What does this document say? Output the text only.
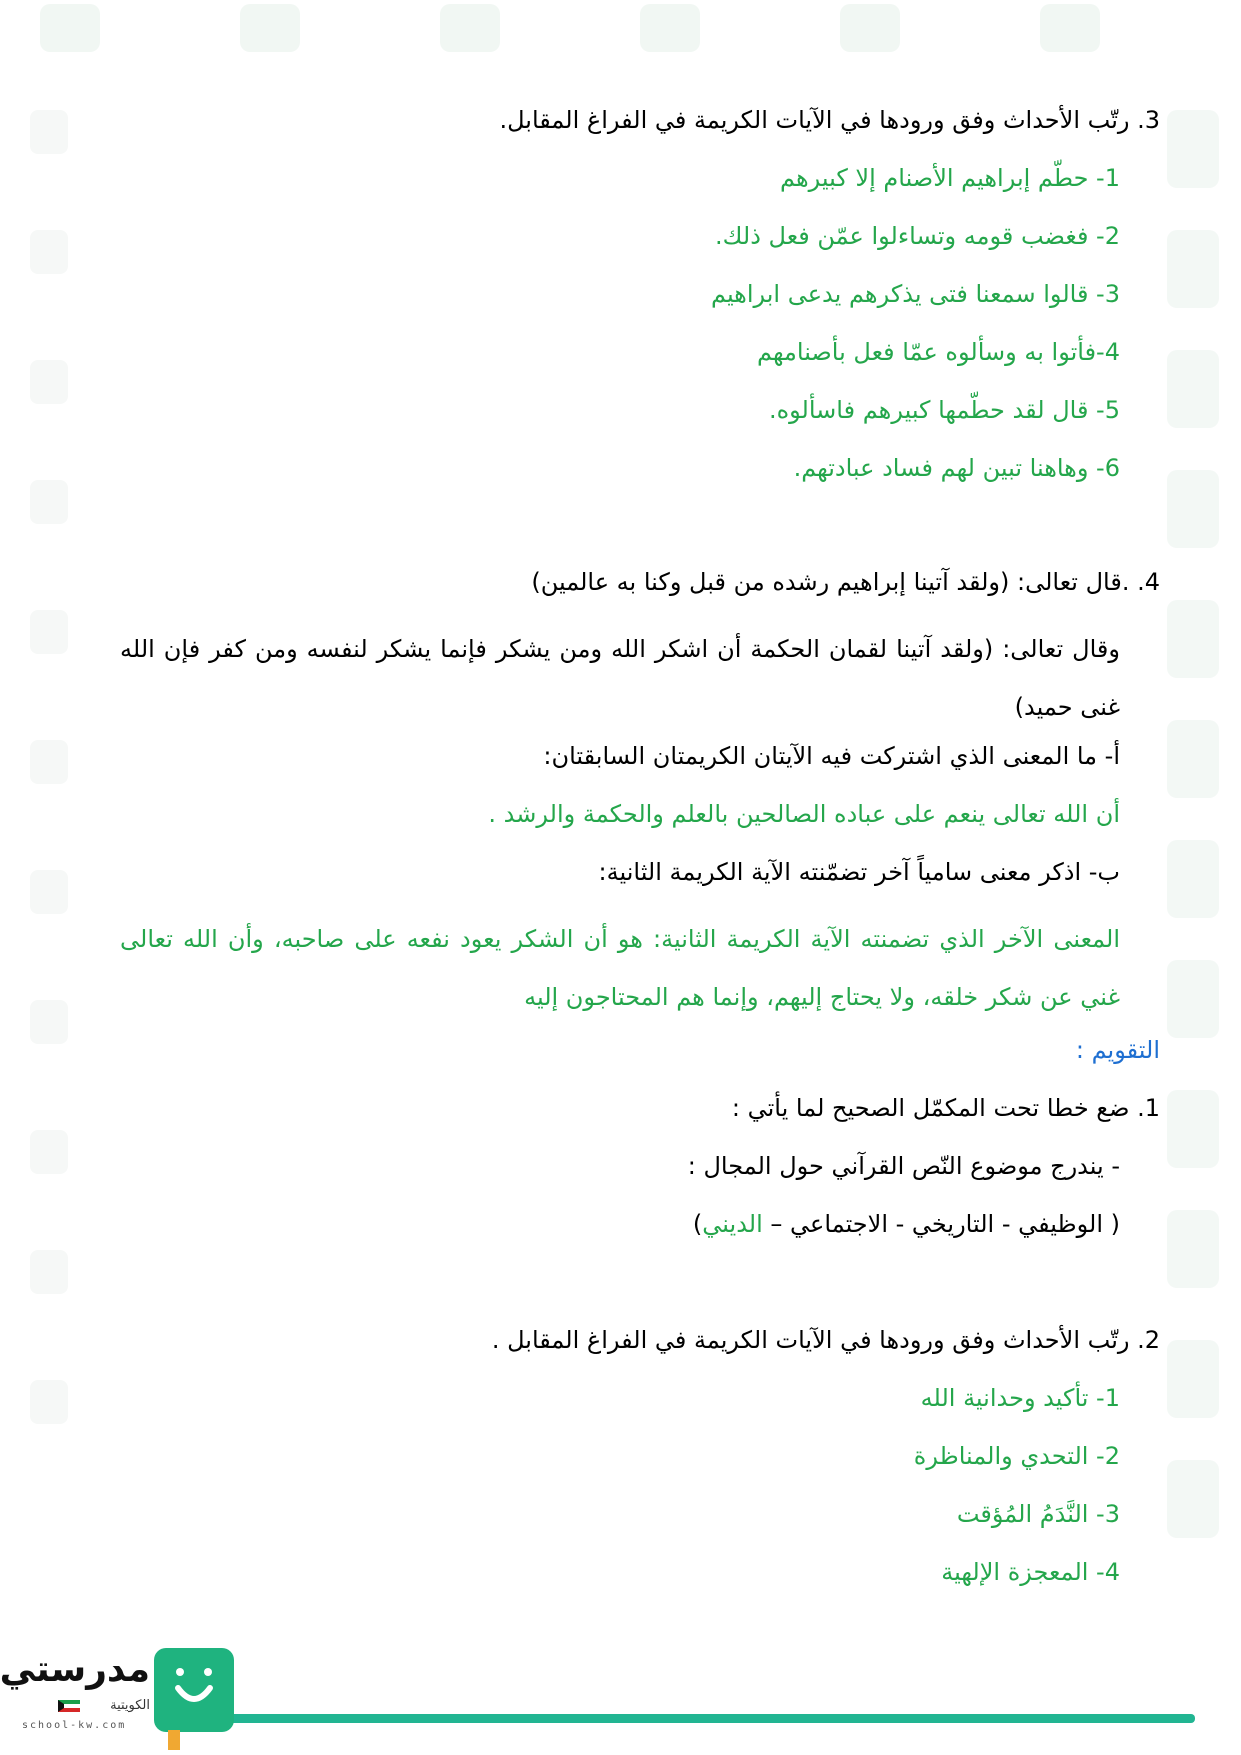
3. رتّب الأحداث وفق ورودها في الآيات الكريمة في الفراغ المقابل.
1- حطّم إبراهيم الأصنام إلا كبيرهم
2- فغضب قومه وتساءلوا عمّن فعل ذلك.
3- قالوا سمعنا فتى يذكرهم يدعى ابراهيم
4-فأتوا به وسألوه عمّا فعل بأصنامهم
5- قال لقد حطّمها كبيرهم فاسألوه.
6- وهاهنا تبين لهم فساد عبادتهم.
4. .قال تعالى: (ولقد آتينا إبراهيم رشده من قبل وكنا به عالمين)
وقال تعالى: (ولقد آتينا لقمان الحكمة أن اشكر الله ومن يشكر فإنما يشكر لنفسه ومن كفر فإن الله غنى حميد)
أ- ما المعنى الذي اشتركت فيه الآيتان الكريمتان السابقتان:
أن الله تعالى ينعم على عباده الصالحين بالعلم والحكمة والرشد .
ب- اذكر معنى سامياً آخر تضمّنته الآية الكريمة الثانية:
المعنى الآخر الذي تضمنته الآية الكريمة الثانية: هو أن الشكر يعود نفعه على صاحبه، وأن الله تعالى غني عن شكر خلقه، ولا يحتاج إليهم، وإنما هم المحتاجون إليه
التقويم :
1. ضع خطا تحت المكمّل الصحيح لما يأتي :
- يندرج موضوع النّص القرآني حول المجال :
( الوظيفي - التاريخي - الاجتماعي – الديني)
2. رتّب الأحداث وفق ورودها في الآيات الكريمة في الفراغ المقابل .
1- تأكيد وحدانية الله
2- التحدي والمناظرة
3- النَّدَمُ المُؤقت
4- المعجزة الإلهية
مدرستي
الكويتية
school-kw.com
